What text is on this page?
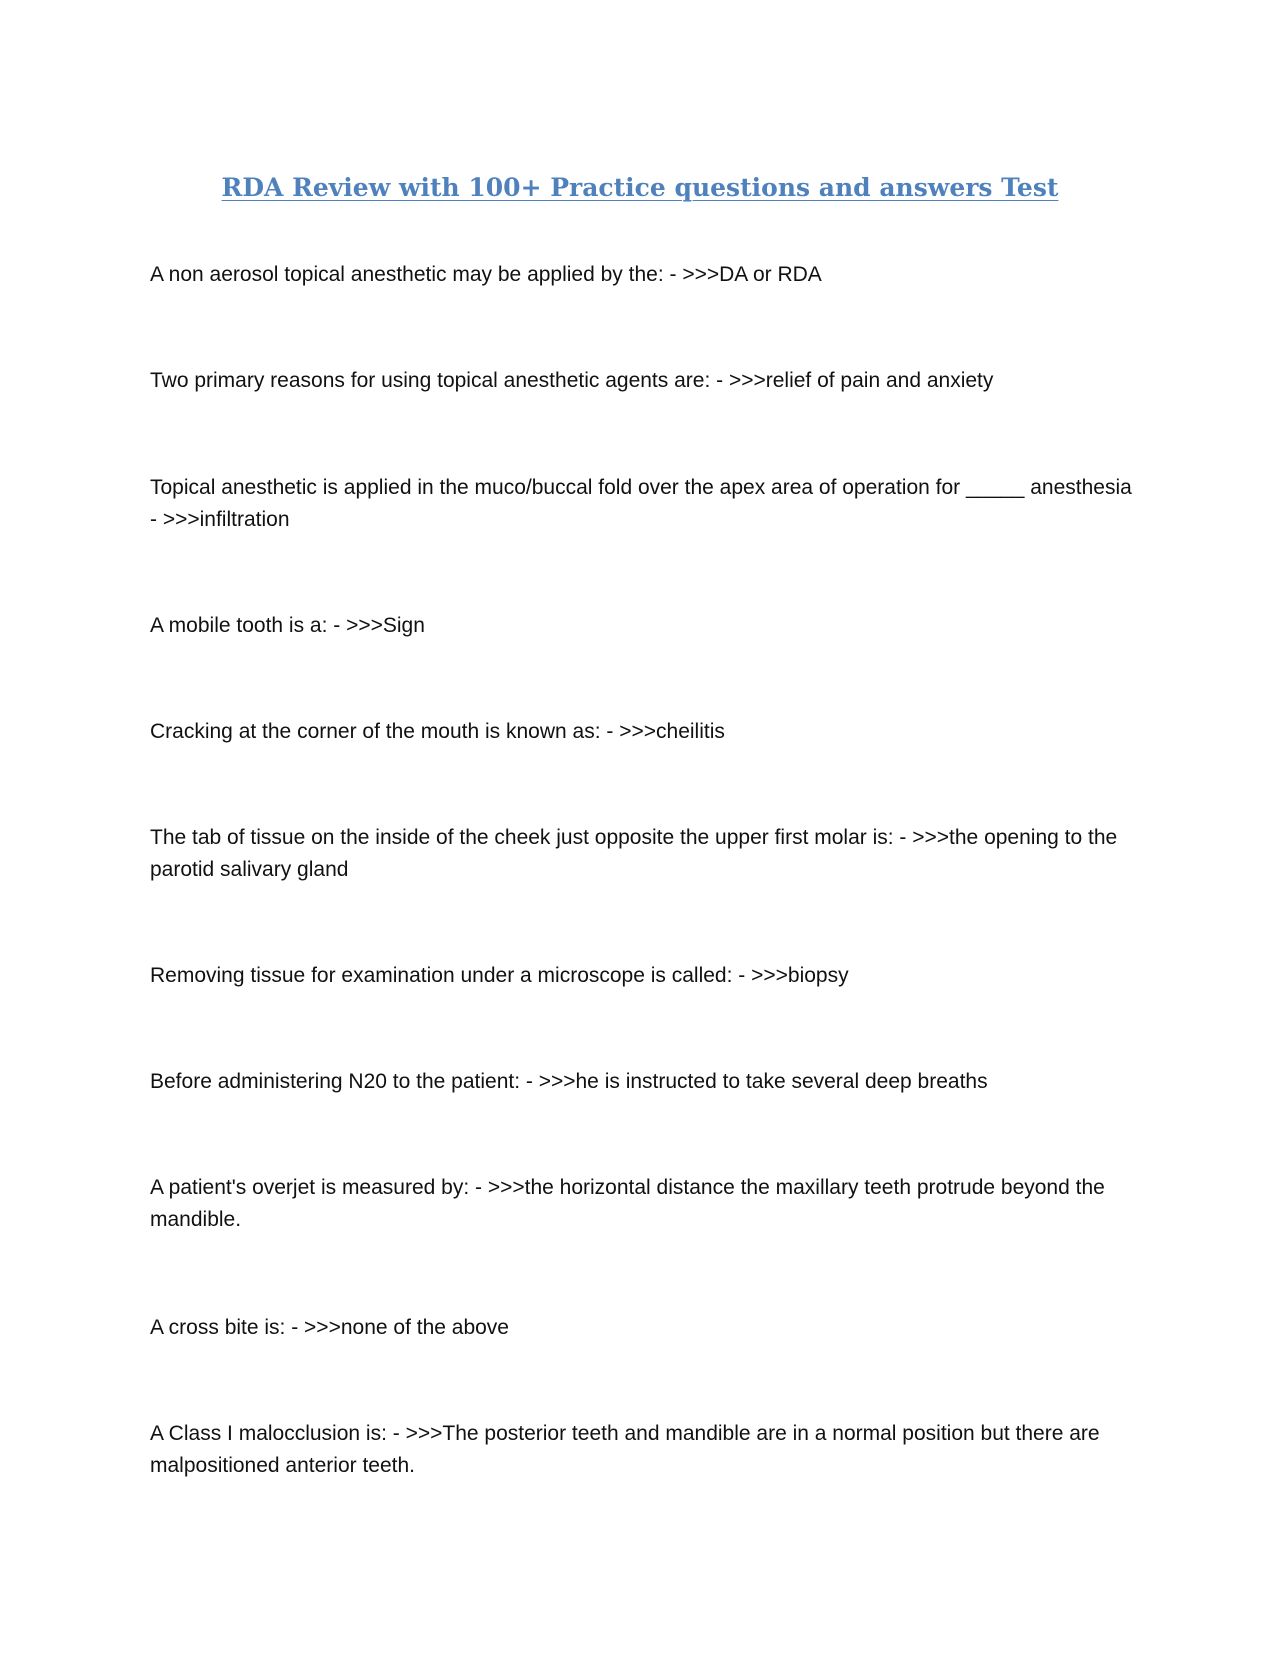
RDA Review with 100+ Practice questions and answers Test

A non aerosol topical anesthetic may be applied by the: - >>>DA or RDA

Two primary reasons for using topical anesthetic agents are: - >>>relief of pain and anxiety

Topical anesthetic is applied in the muco/buccal fold over the apex area of operation for _____ anesthesia - >>>infiltration

A mobile tooth is a: - >>>Sign

Cracking at the corner of the mouth is known as: - >>>cheilitis

The tab of tissue on the inside of the cheek just opposite the upper first molar is: - >>>the opening to the parotid salivary gland

Removing tissue for examination under a microscope is called: - >>>biopsy

Before administering N20 to the patient: - >>>he is instructed to take several deep breaths

A patient's overjet is measured by: - >>>the horizontal distance the maxillary teeth protrude beyond the mandible.

A cross bite is: - >>>none of the above

A Class I malocclusion is: - >>>The posterior teeth and mandible are in a normal position but there are malpositioned anterior teeth.
